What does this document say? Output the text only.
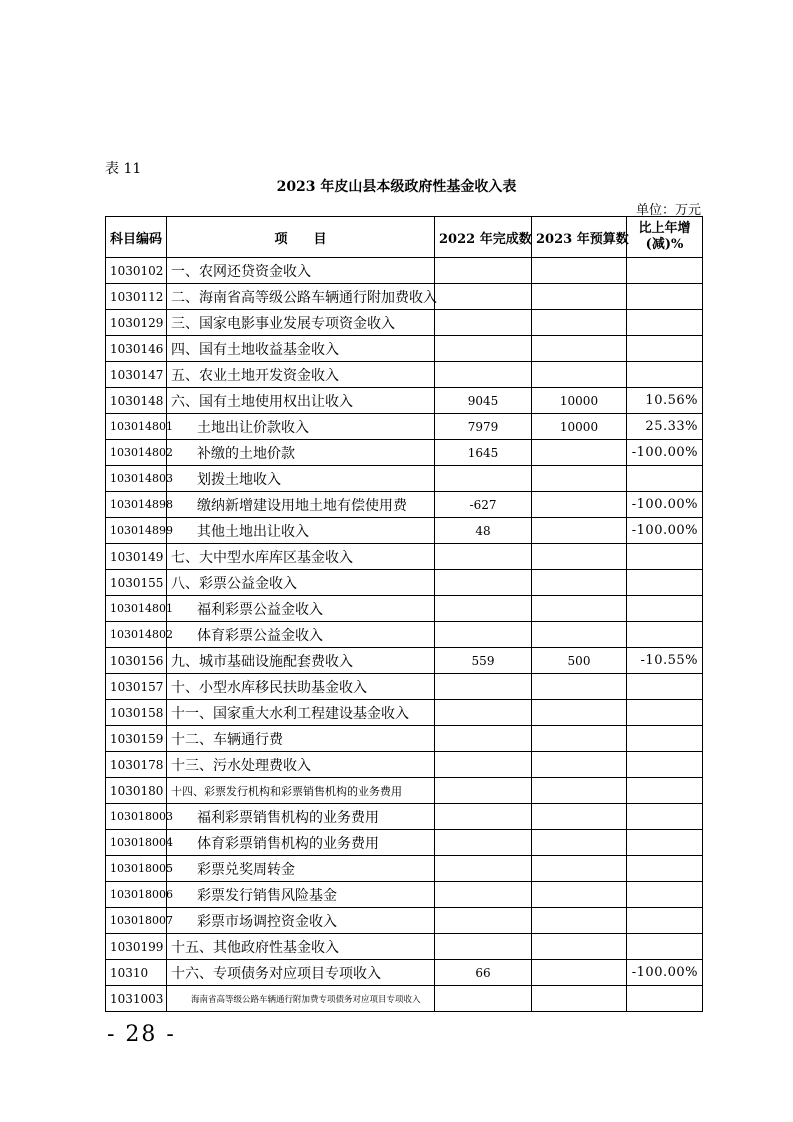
表 11
2023 年皮山县本级政府性基金收入表
单位：万元
科目编码	项　　目	2022 年完成数	2023 年预算数	比上年增(减)%
1030102	一、农网还贷资金收入			
1030112	二、海南省高等级公路车辆通行附加费收入			
1030129	三、国家电影事业发展专项资金收入			
1030146	四、国有土地收益基金收入			
1030147	五、农业土地开发资金收入			
1030148	六、国有土地使用权出让收入	9045	10000	10.56%
103014801	土地出让价款收入	7979	10000	25.33%
103014802	补缴的土地价款	1645		-100.00%
103014803	划拨土地收入			
103014898	缴纳新增建设用地土地有偿使用费	-627		-100.00%
103014899	其他土地出让收入	48		-100.00%
1030149	七、大中型水库库区基金收入			
1030155	八、彩票公益金收入			
103014801	福利彩票公益金收入			
103014802	体育彩票公益金收入			
1030156	九、城市基础设施配套费收入	559	500	-10.55%
1030157	十、小型水库移民扶助基金收入			
1030158	十一、国家重大水利工程建设基金收入			
1030159	十二、车辆通行费			
1030178	十三、污水处理费收入			
1030180	十四、彩票发行机构和彩票销售机构的业务费用			
103018003	福利彩票销售机构的业务费用			
103018004	体育彩票销售机构的业务费用			
103018005	彩票兑奖周转金			
103018006	彩票发行销售风险基金			
103018007	彩票市场调控资金收入			
1030199	十五、其他政府性基金收入			
10310	十六、专项债务对应项目专项收入	66		-100.00%
1031003	海南省高等级公路车辆通行附加费专项债务对应项目专项收入			
- 28 -
